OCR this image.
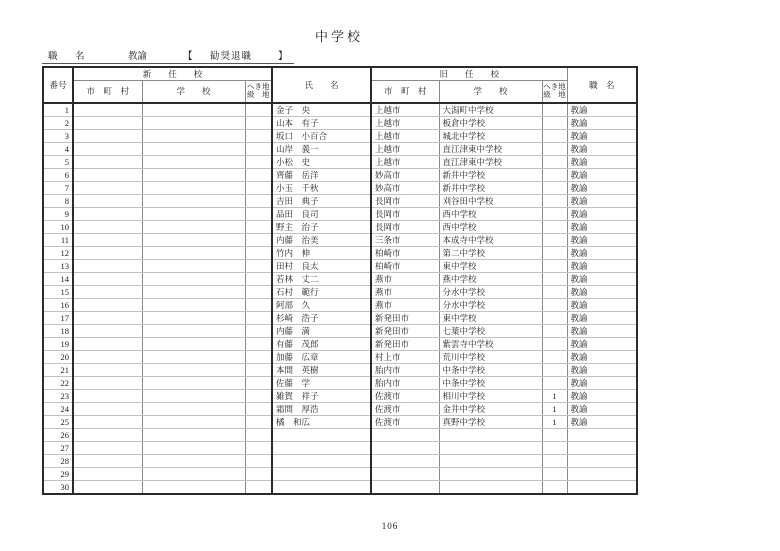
中学校
職　名	教諭	【 勧奨退職	】
番号	新　　任　　校			氏　　名	旧　　任　　校			職　名
市　町　村	学　　校	へき地
級　地	市　町　村	学　　校	へき地
級　地

1				金子　央	上越市	大潟町中学校		教諭
2				山本　有子	上越市	板倉中学校		教諭
3				坂口　小百合	上越市	城北中学校		教諭
4				山岸　義一	上越市	直江津東中学校		教諭
5				小松　史	上越市	直江津東中学校		教諭
6				齊藤　岳洋	妙高市	新井中学校		教諭
7				小玉　千秋	妙高市	新井中学校		教諭
8				吉田　典子	長岡市	刈谷田中学校		教諭
9				品田　良司	長岡市	西中学校		教諭
10				野主　治子	長岡市	西中学校		教諭
11				内藤　治美	三条市	本成寺中学校		教諭
12				竹内　伸	柏崎市	第二中学校		教諭
13				田村　良太	柏崎市	東中学校		教諭
14				若林　丈二	燕市	燕中学校		教諭
15				石村　範行	燕市	分水中学校		教諭
16				阿部　久	燕市	分水中学校		教諭
17				杉崎　浩子	新発田市	東中学校		教諭
18				内藤　満	新発田市	七葉中学校		教諭
19				有藤　茂郎	新発田市	紫雲寺中学校		教諭
20				加藤　広章	村上市	荒川中学校		教諭
21				本間　英樹	胎内市	中条中学校		教諭
22				佐藤　学	胎内市	中条中学校		教諭
23				雑賀　祥子	佐渡市	相川中学校	1	教諭
24				霜間　厚浩	佐渡市	金井中学校	1	教諭
25				橘　和広	佐渡市	真野中学校	1	教諭
26								
27								
28								
29								
30								
106
